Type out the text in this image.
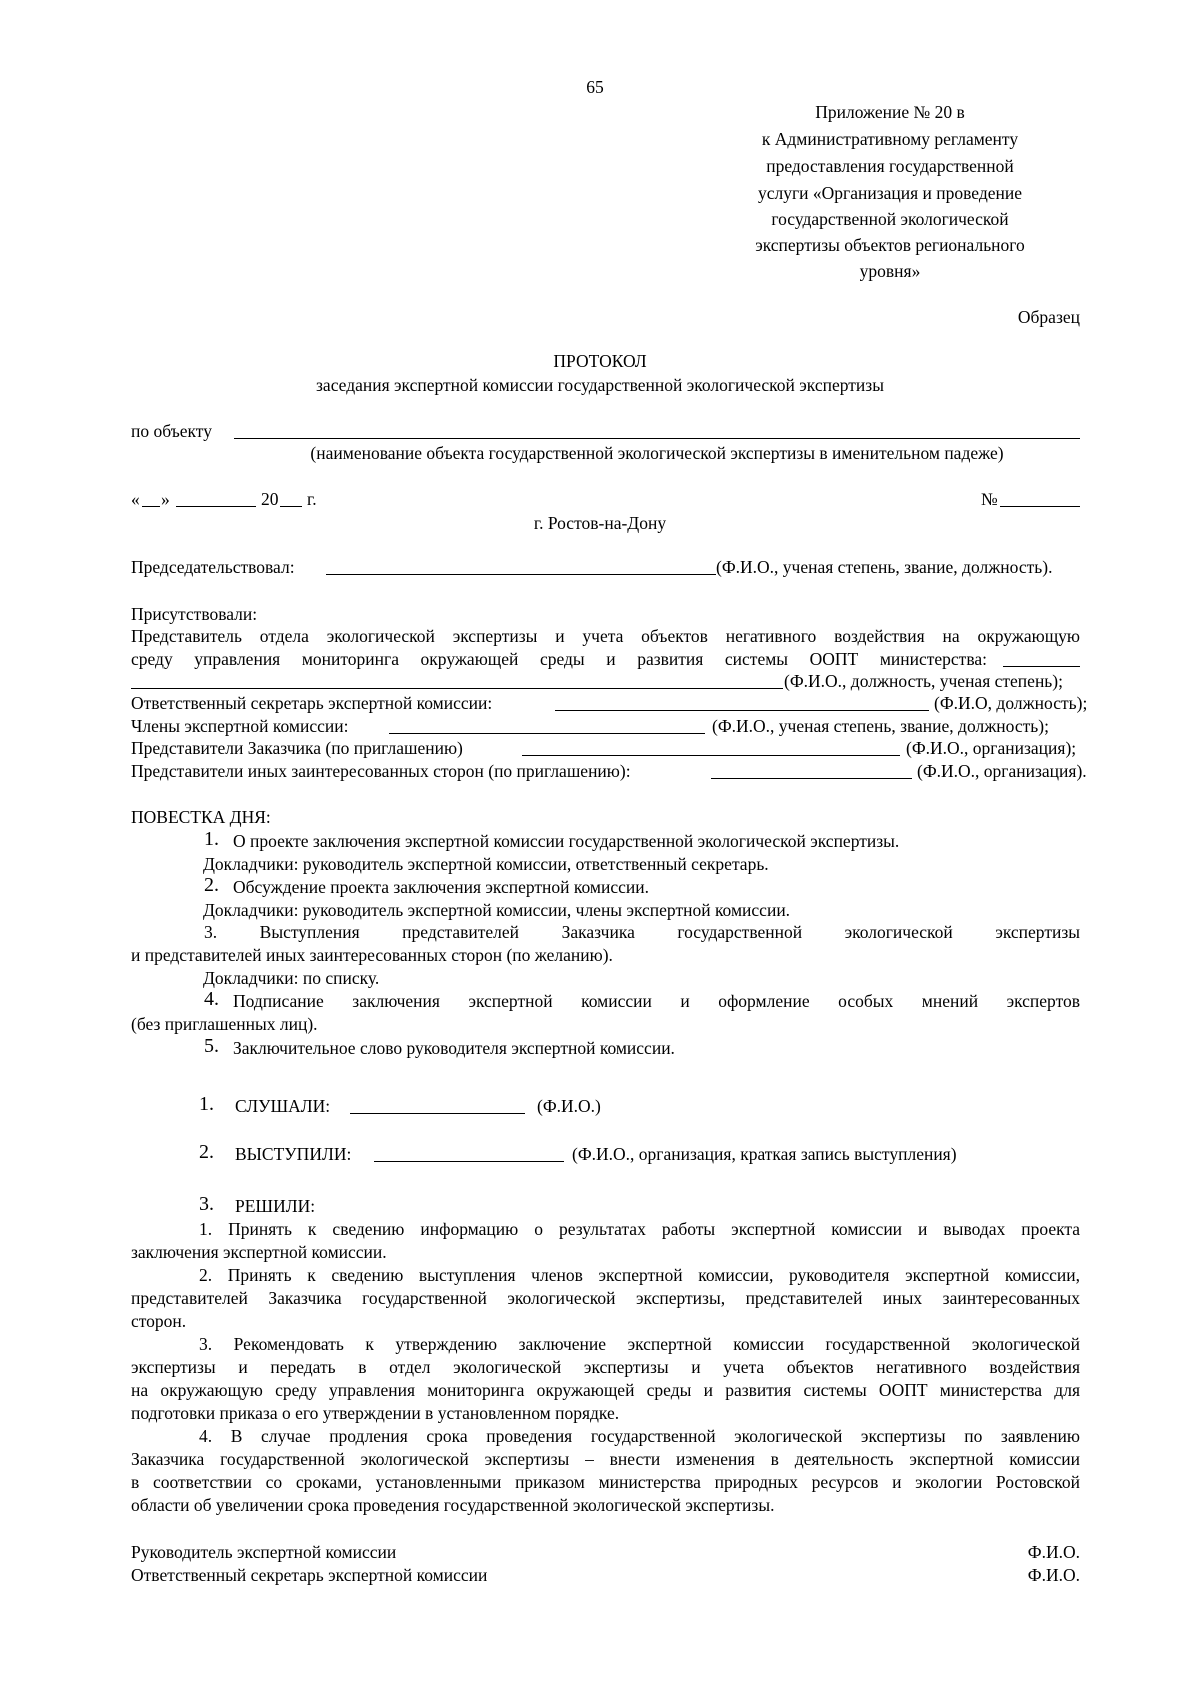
65
Приложение № 20 в
к Административному регламенту
предоставления государственной
услуги «Организация и проведение
государственной экологической
экспертизы объектов регионального
уровня»
Образец
ПРОТОКОЛ
заседания экспертной комиссии государственной экологической экспертизы
по объекту
(наименование объекта государственной экологической экспертизы в именительном падеже)
« »	20 г.	№
г. Ростов-на-Дону
Председательствовал:	(Ф.И.О., ученая степень, звание, должность).
Присутствовали:
Представитель отдела экологической экспертизы и учета объектов негативного воздействия на окружающую
среду управления мониторинга окружающей среды и развития системы ООПТ министерства:
(Ф.И.О., должность, ученая степень);
Ответственный секретарь экспертной комиссии:	(Ф.И.О, должность);
Члены экспертной комиссии:	(Ф.И.О., ученая степень, звание, должность);
Представители Заказчика (по приглашению)	(Ф.И.О., организация);
Представители иных заинтересованных сторон (по приглашению):	(Ф.И.О., организация).
ПОВЕСТКА ДНЯ:
1. О проекте заключения экспертной комиссии государственной экологической экспертизы.
Докладчики: руководитель экспертной комиссии, ответственный секретарь.
2. Обсуждение проекта заключения экспертной комиссии.
Докладчики: руководитель экспертной комиссии, члены экспертной комиссии.
3. Выступления представителей Заказчика государственной экологической экспертизы
и представителей иных заинтересованных сторон (по желанию).
Докладчики: по списку.
4. Подписание заключения экспертной комиссии и оформление особых мнений экспертов
(без приглашенных лиц).
5. Заключительное слово руководителя экспертной комиссии.
1. СЛУШАЛИ:	(Ф.И.О.)
2. ВЫСТУПИЛИ:	(Ф.И.О., организация, краткая запись выступления)
3. РЕШИЛИ:
1. Принять к сведению информацию о результатах работы экспертной комиссии и выводах проекта
заключения экспертной комиссии.
2. Принять к сведению выступления членов экспертной комиссии, руководителя экспертной комиссии,
представителей Заказчика государственной экологической экспертизы, представителей иных заинтересованных
сторон.
3. Рекомендовать к утверждению заключение экспертной комиссии государственной экологической
экспертизы и передать в отдел экологической экспертизы и учета объектов негативного воздействия
на окружающую среду управления мониторинга окружающей среды и развития системы ООПТ министерства для
подготовки приказа о его утверждении в установленном порядке.
4. В случае продления срока проведения государственной экологической экспертизы по заявлению
Заказчика государственной экологической экспертизы – внести изменения в деятельность экспертной комиссии
в соответствии со сроками, установленными приказом министерства природных ресурсов и экологии Ростовской
области об увеличении срока проведения государственной экологической экспертизы.
Руководитель экспертной комиссии	Ф.И.О.
Ответственный секретарь экспертной комиссии	Ф.И.О.
